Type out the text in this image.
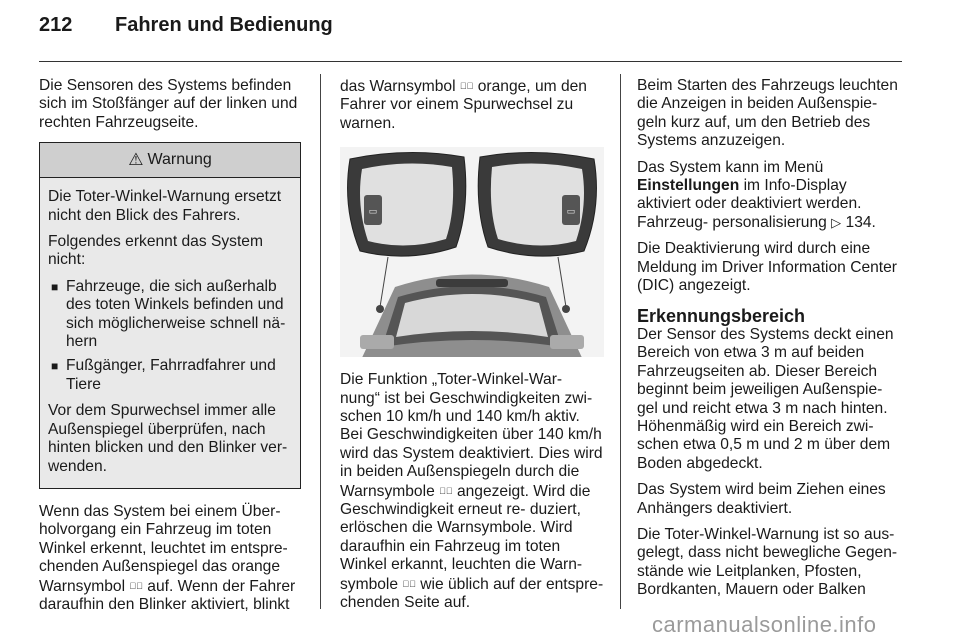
212 Fahren und Bedienung

Die Sensoren des Systems befinden sich im Stoßfänger auf der linken und rechten Fahrzeugseite.

⚠ Warnung

Die Toter-Winkel-Warnung ersetzt nicht den Blick des Fahrers.

Folgendes erkennt das System nicht:

■ Fahrzeuge, die sich außerhalb des toten Winkels befinden und sich möglicherweise schnell nä‐ hern
■ Fußgänger, Fahrradfahrer und Tiere

Vor dem Spurwechsel immer alle Außenspiegel überprüfen, nach hinten blicken und den Blinker ver‐ wenden.

Wenn das System bei einem Über‐ holvorgang ein Fahrzeug im toten Winkel erkennt, leuchtet im entspre‐ chenden Außenspiegel das orange Warnsymbol ⊿ᷝ auf. Wenn der Fahrer daraufhin den Blinker aktiviert, blinkt

das Warnsymbol ⊿ᷝ orange, um den Fahrer vor einem Spurwechsel zu warnen.

▭	▭

Die Funktion „Toter-Winkel-War‐ nung“ ist bei Geschwindigkeiten zwi‐ schen 10 km/h und 140 km/h aktiv. Bei Geschwindigkeiten über 140 km/h wird das System deaktiviert. Dies wird in beiden Außenspiegeln durch die Warnsymbole ⊿ᷝ angezeigt. Wird die Geschwindigkeit erneut re‐ duziert, erlöschen die Warnsymbole. Wird daraufhin ein Fahrzeug im toten Winkel erkannt, leuchten die Warn‐ symbole ⊿ᷝ wie üblich auf der entspre‐ chenden Seite auf.

Beim Starten des Fahrzeugs leuchten die Anzeigen in beiden Außenspie‐ geln kurz auf, um den Betrieb des Systems anzuzeigen.

Das System kann im Menü Einstellungen im Info-Display aktiviert oder deaktiviert werden. Fahrzeug‐ personalisierung ▷ 134.

Die Deaktivierung wird durch eine Meldung im Driver Information Center (DIC) angezeigt.

Erkennungsbereich

Der Sensor des Systems deckt einen Bereich von etwa 3 m auf beiden Fahrzeugseiten ab. Dieser Bereich beginnt beim jeweiligen Außenspie‐ gel und reicht etwa 3 m nach hinten. Höhenmäßig wird ein Bereich zwi‐ schen etwa 0,5 m und 2 m über dem Boden abgedeckt.

Das System wird beim Ziehen eines Anhängers deaktiviert.

Die Toter-Winkel-Warnung ist so aus‐ gelegt, dass nicht bewegliche Gegen‐ stände wie Leitplanken, Pfosten, Bordkanten, Mauern oder Balken

carmanualsonline.info
